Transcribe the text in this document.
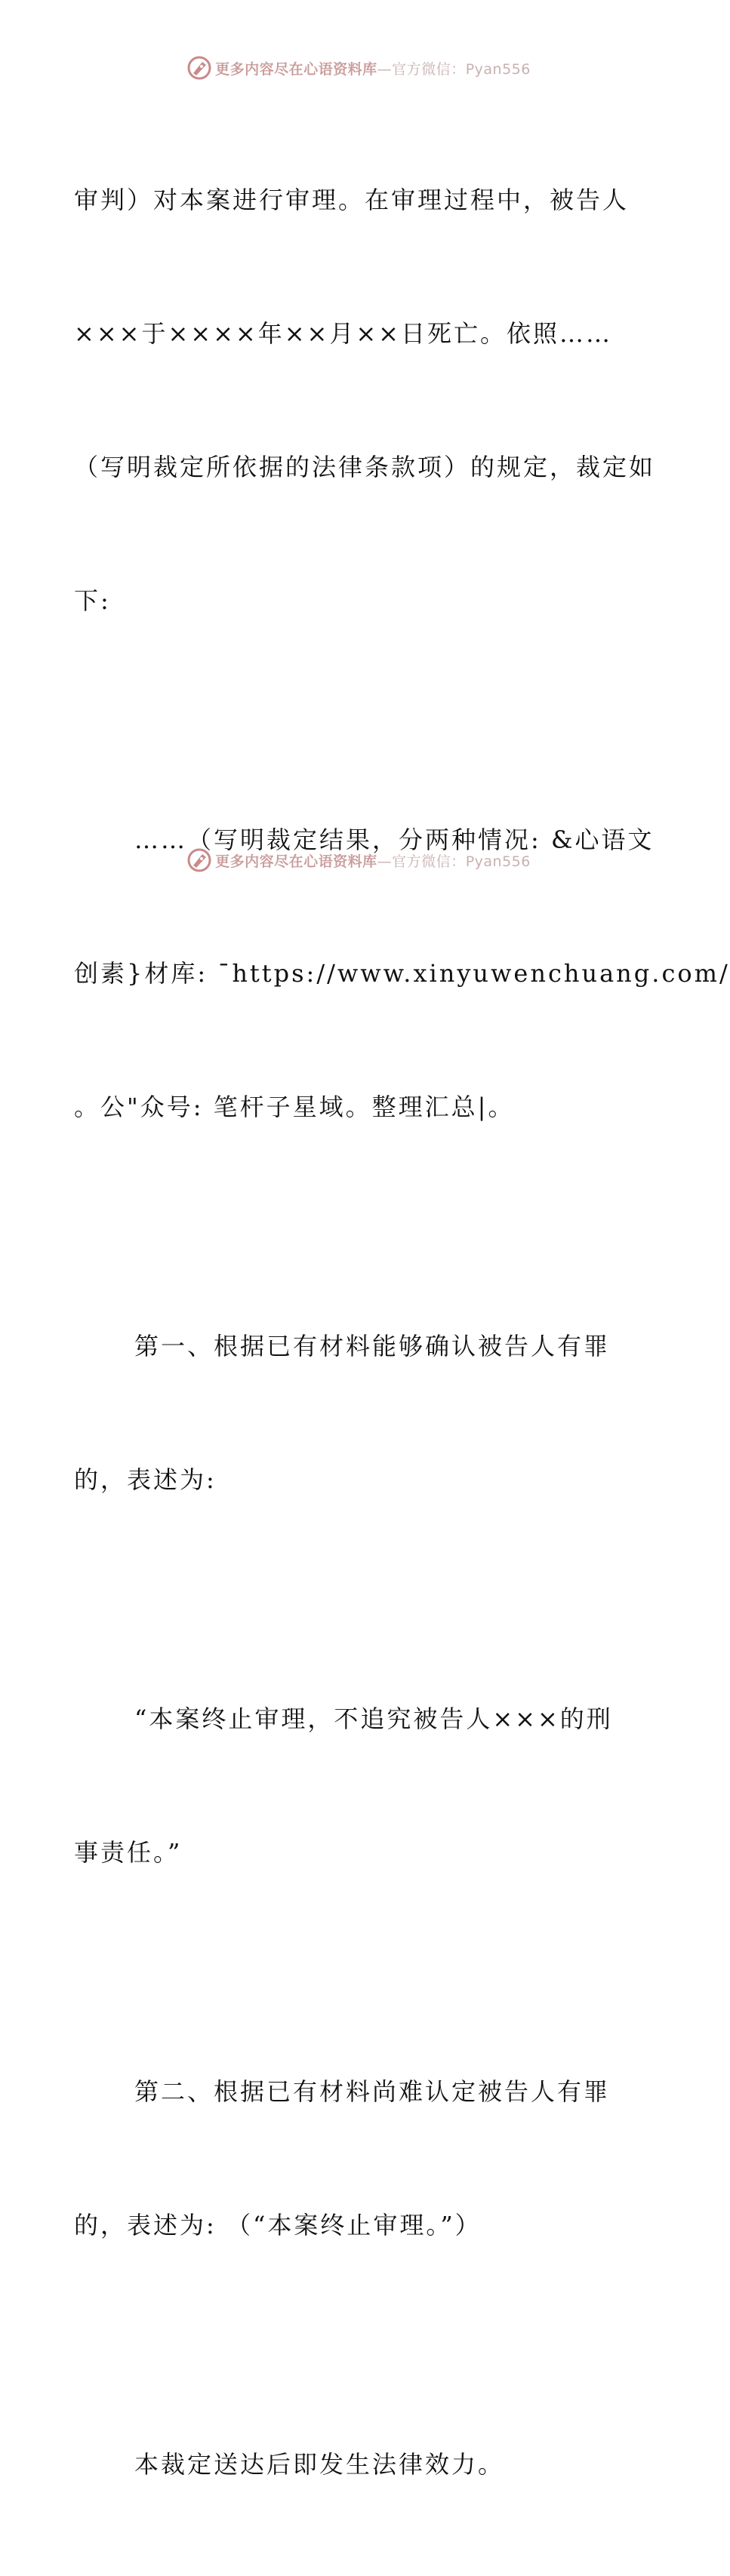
更多内容尽在心语资料库—官方微信：Pyan556

审判）对本案进行审理。在审理过程中，被告人

×××于××××年××月××日死亡。依照……

（写明裁定所依据的法律条款项）的规定，裁定如

下:

……（写明裁定结果，分两种情况: &心语文

创素}材库: ¯https://www.xinyuwenchuang.com/

。公"众号: 笔杆子星域。整理汇总|。

第一、根据已有材料能够确认被告人有罪

的，表述为:

“本案终止审理，不追究被告人×××的刑

事责任。”

第二、根据已有材料尚难认定被告人有罪

的，表述为: （“本案终止审理。”）

本裁定送达后即发生法律效力。

更多内容尽在心语资料库—官方微信：Pyan556
